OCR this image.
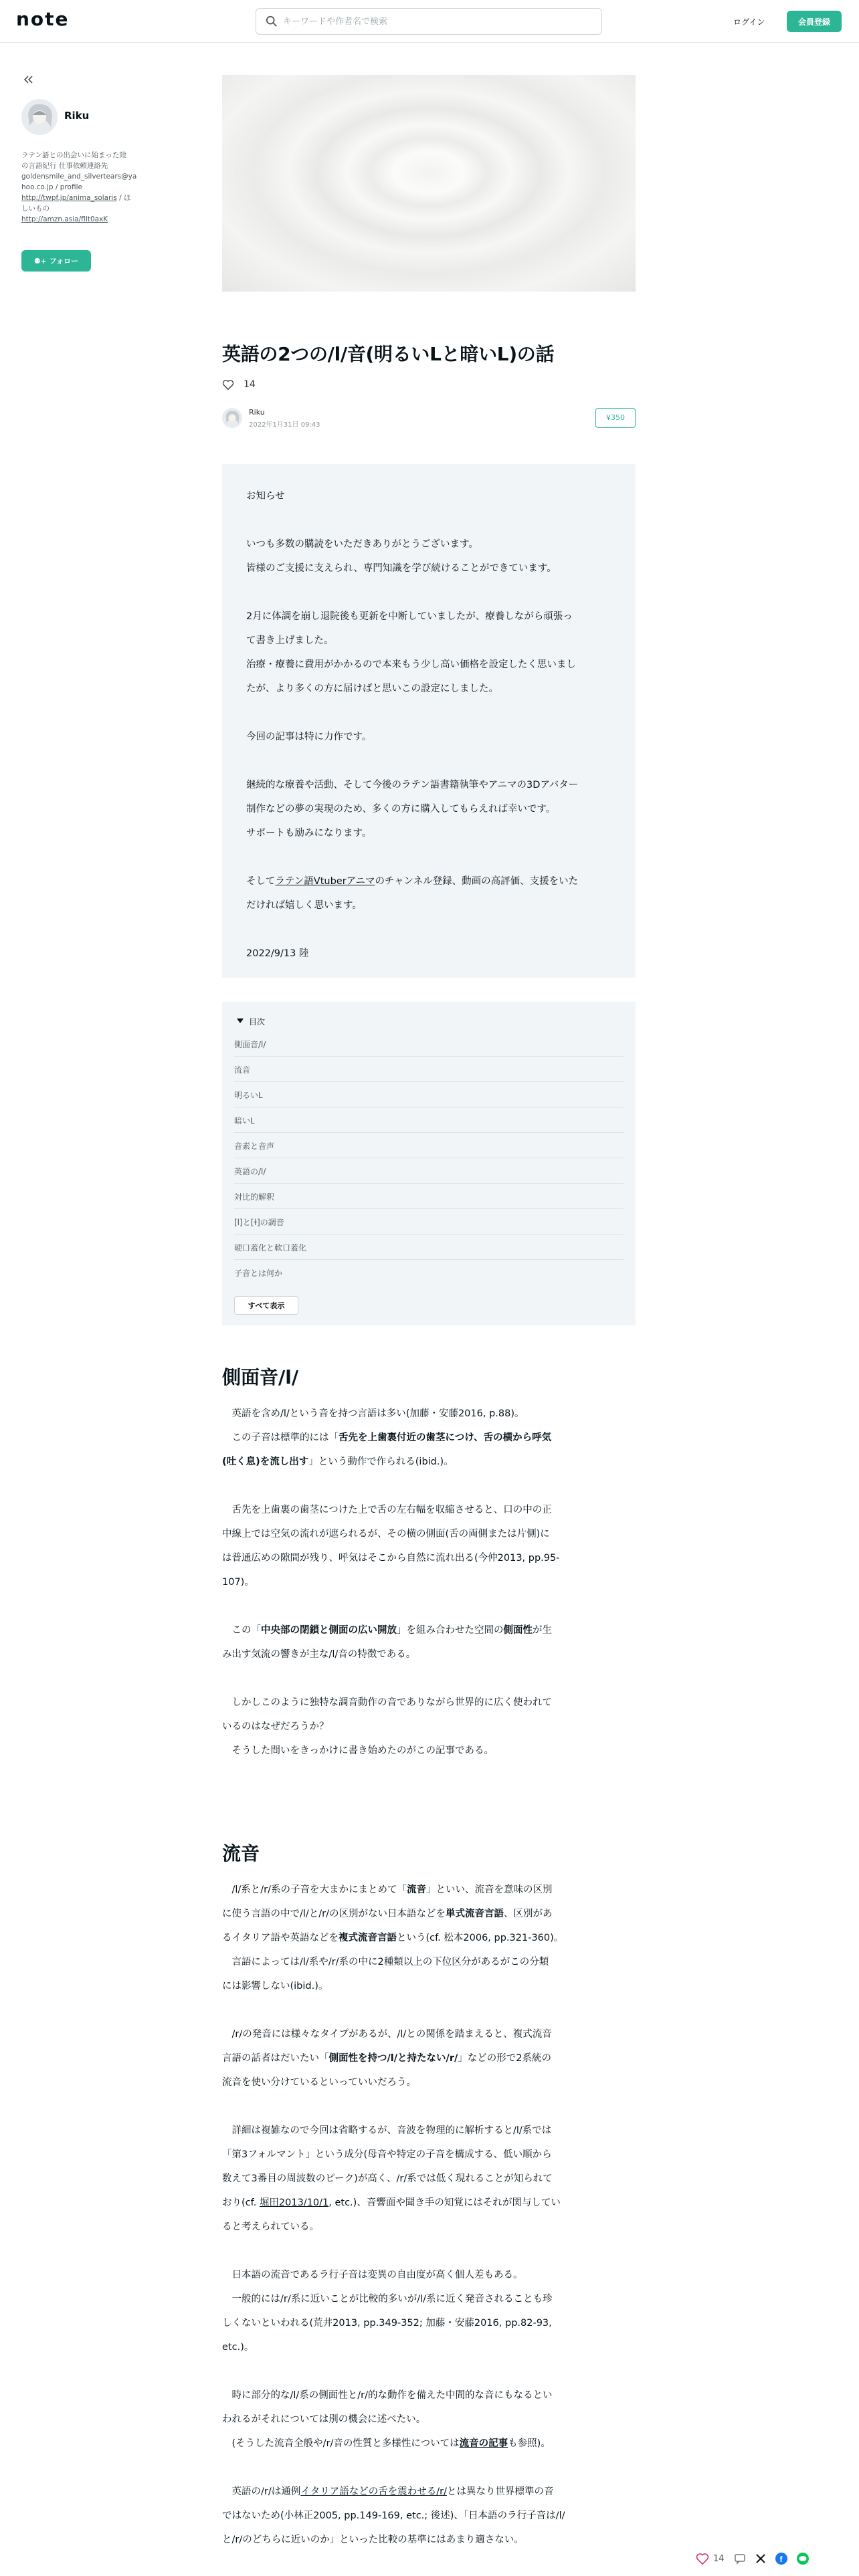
note
キーワードや作者名で検索	ログイン	会員登録
Riku
ラテン語との出会いに始まった陸
の言語紀行 仕事依頼連絡先
goldensmile_and_silvertears@ya
hoo.co.jp / profile
http://twpf.jp/anima_solaris / ほ
しいもの
http://amzn.asia/flIt0axK
⚉+ フォロー
英語の2つの/l/音(明るいLと暗いL)の話
14
Riku
2022年1月31日 09:43
¥350

お知らせ

いつも多数の購読をいただきありがとうございます。

皆様のご支援に支えられ、専門知識を学び続けることができています。

2月に体調を崩し退院後も更新を中断していましたが、療養しながら頑張っ

て書き上げました。

治療・療養に費用がかかるので本来もう少し高い価格を設定したく思いまし

たが、より多くの方に届けばと思いこの設定にしました。

今回の記事は特に力作です。

継続的な療養や活動、そして今後のラテン語書籍執筆やアニマの3Dアバター

制作などの夢の実現のため、多くの方に購入してもらえれば幸いです。

サポートも励みになります。

そしてラテン語Vtuberアニマのチャンネル登録、動画の高評価、支援をいた

だければ嬉しく思います。

2022/9/13 陸

目次
側面音/l/
流音
明るいL
暗いL
音素と音声
英語の/l/
対比的解釈
[l]と[ɫ]の調音
硬口蓋化と軟口蓋化
子音とは何か
すべて表示
側面音/l/

　英語を含め/l/という音を持つ言語は多い(加藤・安藤2016, p.88)。

　この子音は標準的には「舌先を上歯裏付近の歯茎につけ、舌の横から呼気

(吐く息)を流し出す」という動作で作られる(ibid.)。

　舌先を上歯裏の歯茎につけた上で舌の左右幅を収縮させると、口の中の正

中線上では空気の流れが遮られるが、その横の側面(舌の両側または片側)に

は普通広めの隙間が残り、呼気はそこから自然に流れ出る(今仲2013, pp.95-

107)。

　この「中央部の閉鎖と側面の広い開放」を組み合わせた空間の側面性が生

み出す気流の響きが主な/l/音の特徴である。

　しかしこのように独特な調音動作の音でありながら世界的に広く使われて

いるのはなぜだろうか？

　そうした問いをきっかけに書き始めたのがこの記事である。

流音

　/l/系と/r/系の子音を大まかにまとめて「流音」といい、流音を意味の区別

に使う言語の中で/l/と/r/の区別がない日本語などを単式流音言語、区別があ

るイタリア語や英語などを複式流音言語という(cf. 松本2006, pp.321-360)。

　言語によっては/l/系や/r/系の中に2種類以上の下位区分があるがこの分類

には影響しない(ibid.)。

　/r/の発音には様々なタイプがあるが、/l/との関係を踏まえると、複式流音

言語の話者はだいたい「側面性を持つ/l/と持たない/r/」などの形で2系統の

流音を使い分けているといっていいだろう。

　詳細は複雑なので今回は省略するが、音波を物理的に解析すると/l/系では

「第3フォルマント」という成分(母音や特定の子音を構成する、低い順から

数えて3番目の周波数のピーク)が高く、/r/系では低く現れることが知られて

おり(cf. 堀田2013/10/1, etc.)、音響面や聞き手の知覚にはそれが関与してい

ると考えられている。

　日本語の流音であるラ行子音は変異の自由度が高く個人差もある。

　一般的には/r/系に近いことが比較的多いが/l/系に近く発音されることも珍

しくないといわれる(荒井2013, pp.349-352; 加藤・安藤2016, pp.82-93,

etc.)。

　時に部分的な/l/系の側面性と/r/的な動作を備えた中間的な音にもなるとい

われるがそれについては別の機会に述べたい。

　(そうした流音全般や/r/音の性質と多様性については流音の記事も参照)。

　英語の/r/は通例イタリア語などの舌を震わせる/r/とは異なり世界標準の音

ではないため(小林正2005, pp.149-169, etc.; 後述)、「日本語のラ行子音は/l/

と/r/のどちらに近いのか」といった比較の基準にはあまり適さない。

14	f
